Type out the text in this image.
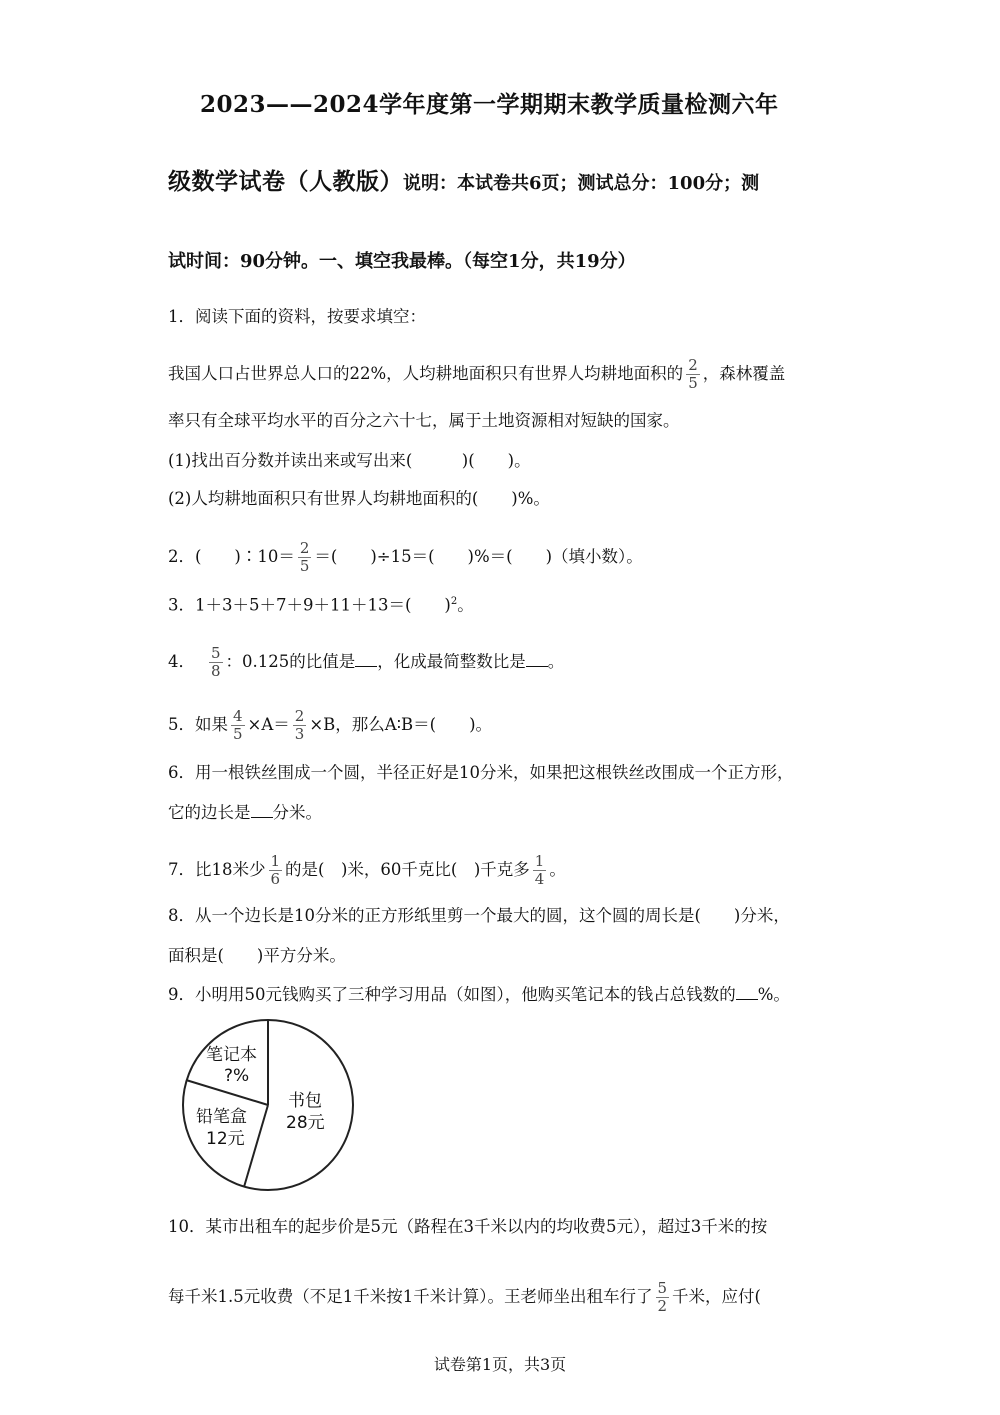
2023——2024学年度第一学期期末教学质量检测六年
级数学试卷（人教版）说明：本试卷共6页；测试总分：100分；测
试时间：90分钟。一、填空我最棒。（每空1分，共19分）
1．阅读下面的资料，按要求填空：
我国人口占世界总人口的22%，人均耕地面积只有世界人均耕地面积的 $\frac{2}{5}$ ，森林覆盖
率只有全球平均水平的百分之六十七，属于土地资源相对短缺的国家。
(1)找出百分数并读出来或写出来(　　　)(　　)。
(2)人均耕地面积只有世界人均耕地面积的(　　)%。
2．(　　)∶10＝ $\frac{2}{5}$ ＝(　　)÷15＝(　　)%＝(　　)（填小数）。
3．1＋3＋5＋7＋9＋11＋13＝(　　)$^2$。
4． $\frac{5}{8}$ ：0.125的比值是 ，化成最简整数比是 。
5．如果 $\frac{4}{5} \times A= \frac{2}{3} \times B$，那么A∶B＝(　　)。
6．用一根铁丝围成一个圆，半径正好是10分米，如果把这根铁丝改围成一个正方形，
它的边长是 分米。
7．比18米少 $\frac{1}{6}$ 的是(　)米，60千克比(　)千克多 $\frac{1}{4}$ 。
8．从一个边长是10分米的正方形纸里剪一个最大的圆，这个圆的周长是(　　)分米，
面积是(　　)平方分米。
9．小明用50元钱购买了三种学习用品（如图），他购买笔记本的钱占总钱数的 %。
笔记本
?%
铅笔盒
12元
书包
28元
10．某市出租车的起步价是5元（路程在3千米以内的均收费5元），超过3千米的按
每千米1.5元收费（不足1千米按1千米计算）。王老师坐出租车行了 $\frac{5}{2}$ 千米，应付(
试卷第1页，共3页
